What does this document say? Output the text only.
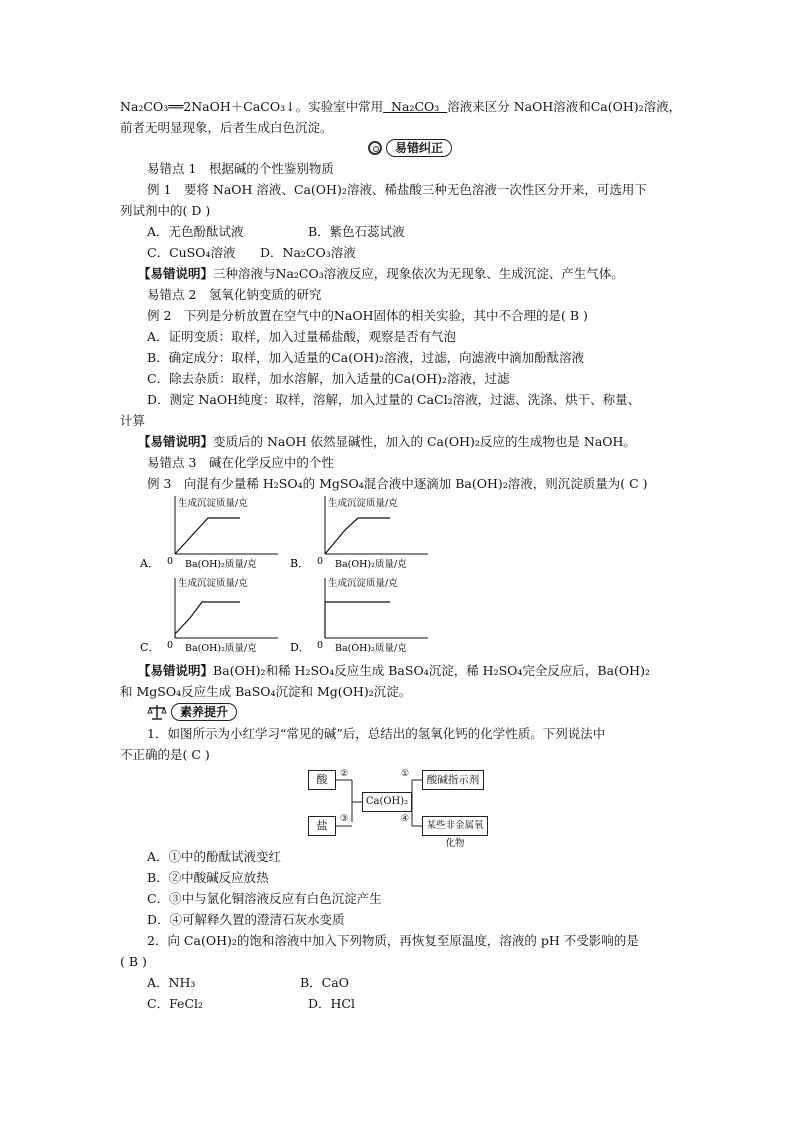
Na₂CO₃══2NaOH＋CaCO₃↓。实验室中常用 Na₂CO₃ 溶液来区分 NaOH溶液和Ca(OH)₂溶液，
前者无明显现象，后者生成白色沉淀。
易错纠正
易错点 1　根据碱的个性鉴别物质
例 1　要将 NaOH 溶液、Ca(OH)₂溶液、稀盐酸三种无色溶液一次性区分开来，可选用下
列试剂中的( D )
A．无色酚酞试液	B．紫色石蕊试液
C．CuSO₄溶液 D．Na₂CO₃溶液
【易错说明】三种溶液与Na₂CO₃溶液反应，现象依次为无现象、生成沉淀、产生气体。
易错点 2　氢氧化钠变质的研究
例 2　下列是分析放置在空气中的NaOH固体的相关实验，其中不合理的是( B )
A．证明变质：取样，加入过量稀盐酸，观察是否有气泡
B．确定成分：取样，加入适量的Ca(OH)₂溶液，过滤，向滤液中滴加酚酞溶液
C．除去杂质：取样，加水溶解，加入适量的Ca(OH)₂溶液，过滤
D．测定 NaOH纯度：取样，溶解，加入过量的 CaCl₂溶液，过滤、洗涤、烘干、称量、
计算
【易错说明】变质后的 NaOH 依然显碱性，加入的 Ca(OH)₂反应的生成物也是 NaOH。
易错点 3　碱在化学反应中的个性
例 3　向混有少量稀 H₂SO₄的 MgSO₄混合液中逐滴加 Ba(OH)₂溶液，则沉淀质量为( C )
A．
生成沉淀质量/克
0 Ba(OH)₂质量/克	B．
生成沉淀质量/克
0 Ba(OH)₂质量/克
C．
生成沉淀质量/克
0 Ba(OH)₂质量/克	D．
生成沉淀质量/克
0 Ba(OH)₂质量/克
【易错说明】Ba(OH)₂和稀 H₂SO₄反应生成 BaSO₄沉淀，稀 H₂SO₄完全反应后，Ba(OH)₂
和 MgSO₄反应生成 BaSO₄沉淀和 Mg(OH)₂沉淀。
素养提升
1．如图所示为小红学习“常见的碱”后，总结出的氢氧化钙的化学性质。下列说法中
不正确的是( C )
酸
盐
Ca(OH)₂
酸碱指示剂
某些非金属氧化物
②
③
①
④
A．①中的酚酞试液变红
B．②中酸碱反应放热
C．③中与氯化铜溶液反应有白色沉淀产生
D．④可解释久置的澄清石灰水变质
2．向 Ca(OH)₂的饱和溶液中加入下列物质，再恢复至原温度，溶液的 pH 不受影响的是
( B )
A．NH₃	B．CaO
C．FeCl₂	D．HCl
